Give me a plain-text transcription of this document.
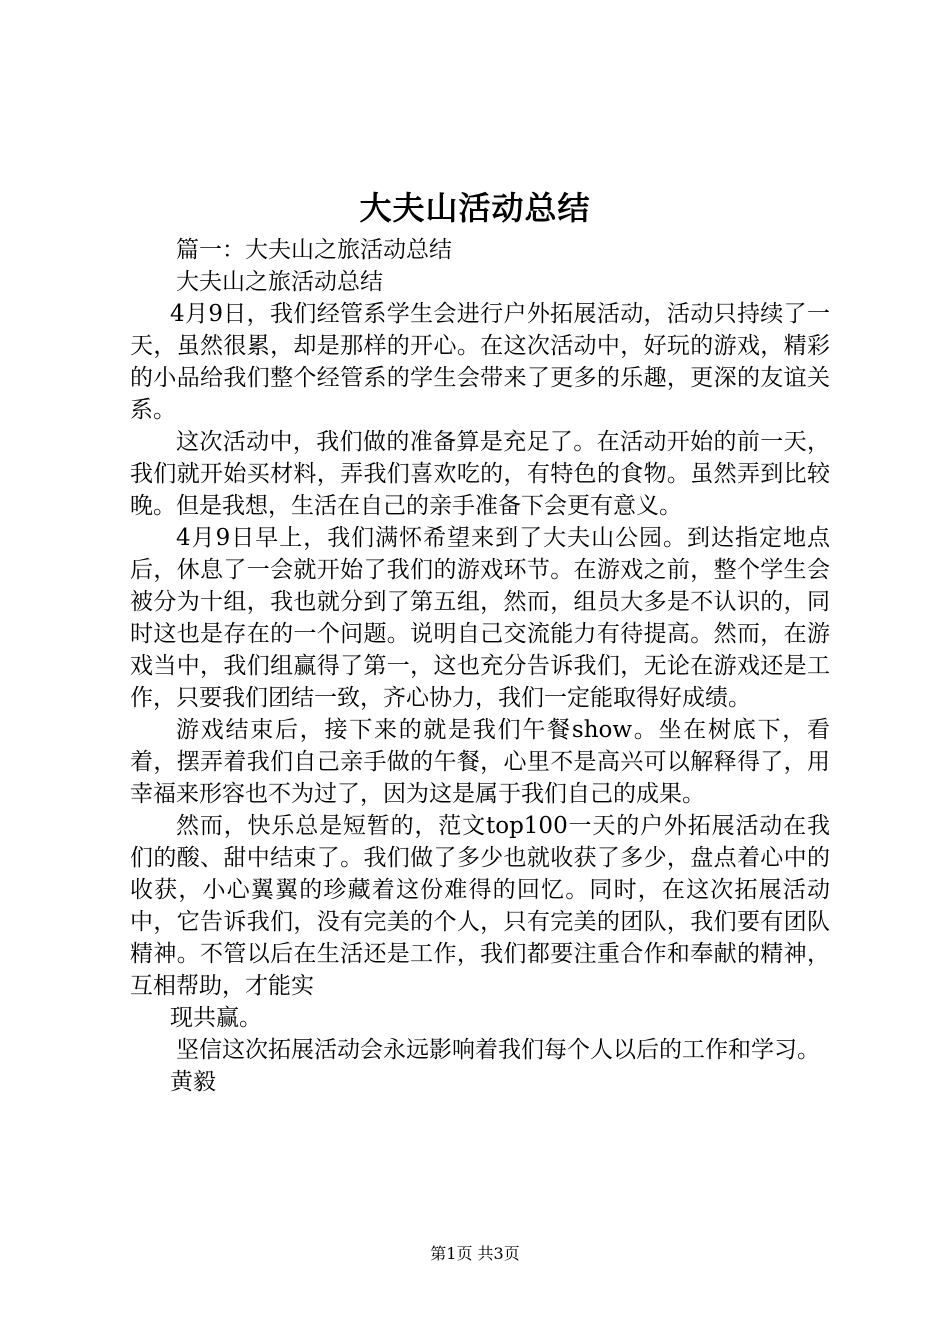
大夫山活动总结

篇一：大夫山之旅活动总结

大夫山之旅活动总结

4月9日，我们经管系学生会进行户外拓展活动，活动只持续了一天，虽然很累，却是那样的开心。在这次活动中，好玩的游戏，精彩的小品给我们整个经管系的学生会带来了更多的乐趣，更深的友谊关系。

这次活动中，我们做的准备算是充足了。在活动开始的前一天，我们就开始买材料，弄我们喜欢吃的，有特色的食物。虽然弄到比较晚。但是我想，生活在自己的亲手准备下会更有意义。

4月9日早上，我们满怀希望来到了大夫山公园。到达指定地点后，休息了一会就开始了我们的游戏环节。在游戏之前，整个学生会被分为十组，我也就分到了第五组，然而，组员大多是不认识的，同时这也是存在的一个问题。说明自己交流能力有待提高。然而，在游戏当中，我们组赢得了第一，这也充分告诉我们，无论在游戏还是工作，只要我们团结一致，齐心协力，我们一定能取得好成绩。

游戏结束后，接下来的就是我们午餐show。坐在树底下，看着，摆弄着我们自己亲手做的午餐，心里不是高兴可以解释得了，用幸福来形容也不为过了，因为这是属于我们自己的成果。

然而，快乐总是短暂的，范文top100一天的户外拓展活动在我们的酸、甜中结束了。我们做了多少也就收获了多少，盘点着心中的收获，小心翼翼的珍藏着这份难得的回忆。同时，在这次拓展活动中，它告诉我们，没有完美的个人，只有完美的团队，我们要有团队精神。不管以后在生活还是工作，我们都要注重合作和奉献的精神，互相帮助，才能实

现共赢。

坚信这次拓展活动会永远影响着我们每个人以后的工作和学习。

黄毅

第1页 共3页
